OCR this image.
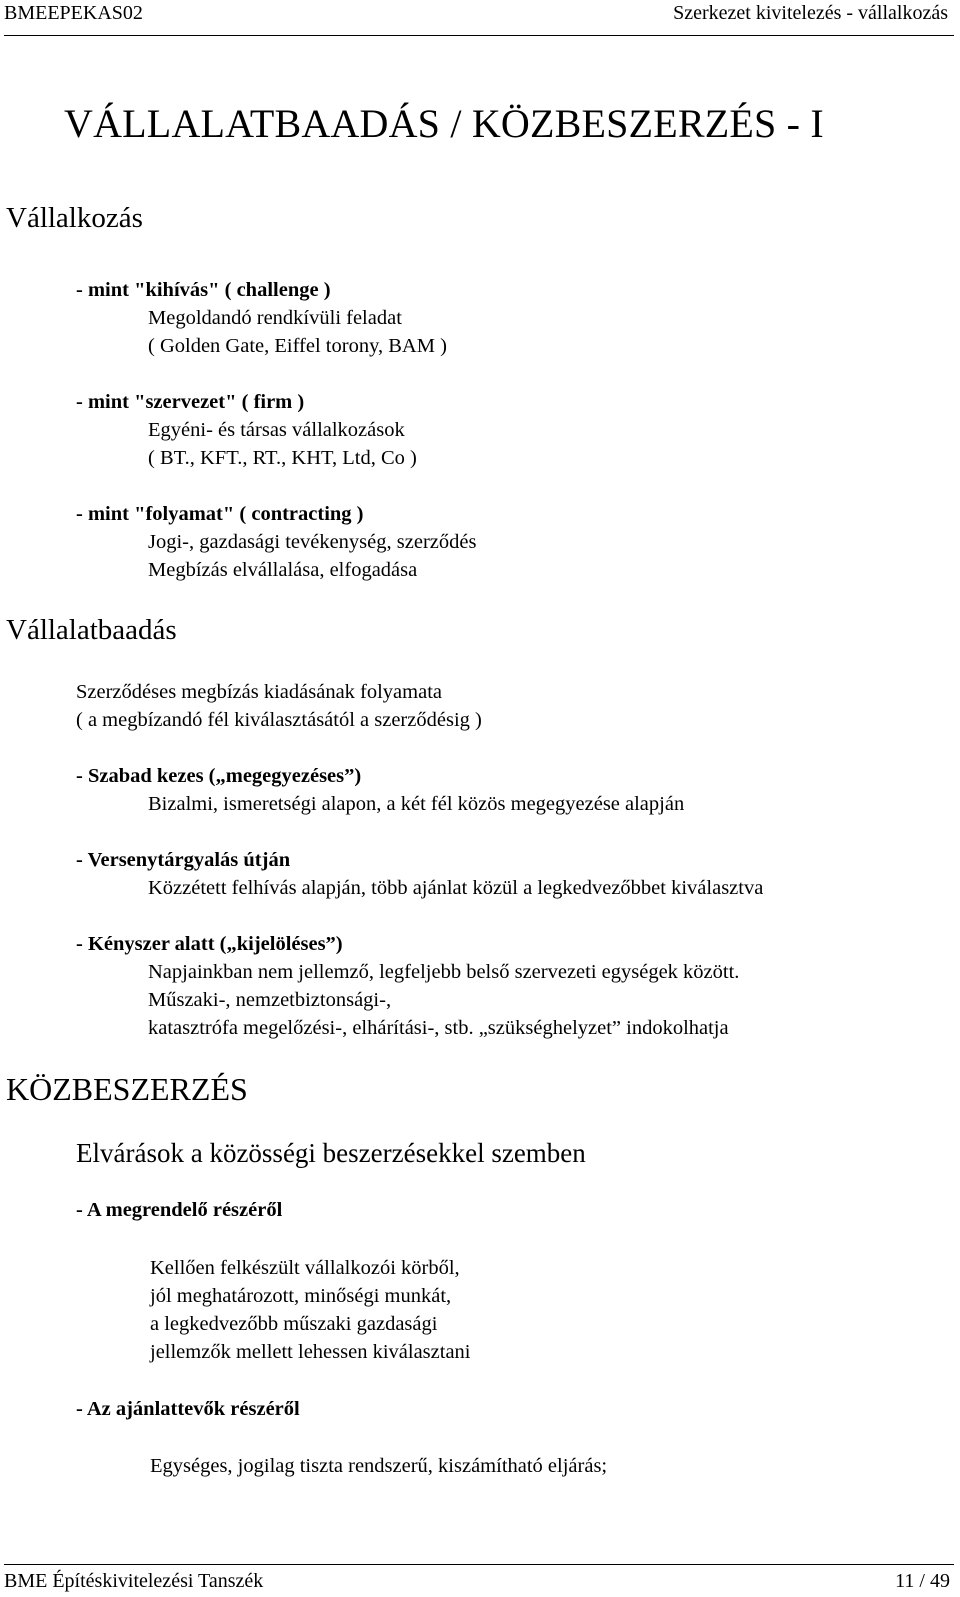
BMEEPEKAS02	Szerkezet kivitelezés - vállalkozás
VÁLLALATBAADÁS / KÖZBESZERZÉS - I
Vállalkozás
- mint "kihívás" ( challenge )
Megoldandó rendkívüli feladat
( Golden Gate, Eiffel torony, BAM )
- mint "szervezet" ( firm )
Egyéni- és társas vállalkozások
( BT., KFT., RT., KHT, Ltd, Co )
- mint "folyamat" ( contracting )
Jogi-, gazdasági tevékenység, szerződés
Megbízás elvállalása, elfogadása
Vállalatbaadás
Szerződéses megbízás kiadásának folyamata
( a megbízandó fél kiválasztásától a szerződésig )
- Szabad kezes („megegyezéses”)
Bizalmi, ismeretségi alapon, a két fél közös megegyezése alapján
- Versenytárgyalás útján
Közzétett felhívás alapján, több ajánlat közül a legkedvezőbbet kiválasztva
- Kényszer alatt („kijelöléses”)
Napjainkban nem jellemző, legfeljebb belső szervezeti egységek között.
Műszaki-, nemzetbiztonsági-,
katasztrófa megelőzési-, elhárítási-, stb. „szükséghelyzet” indokolhatja
KÖZBESZERZÉS
Elvárások a közösségi beszerzésekkel szemben
- A megrendelő részéről
Kellően felkészült vállalkozói körből,
jól meghatározott, minőségi munkát,
a legkedvezőbb műszaki gazdasági
jellemzők mellett lehessen kiválasztani
- Az ajánlattevők részéről
Egységes, jogilag tiszta rendszerű, kiszámítható eljárás;
BME Építéskivitelezési Tanszék	11 / 49
